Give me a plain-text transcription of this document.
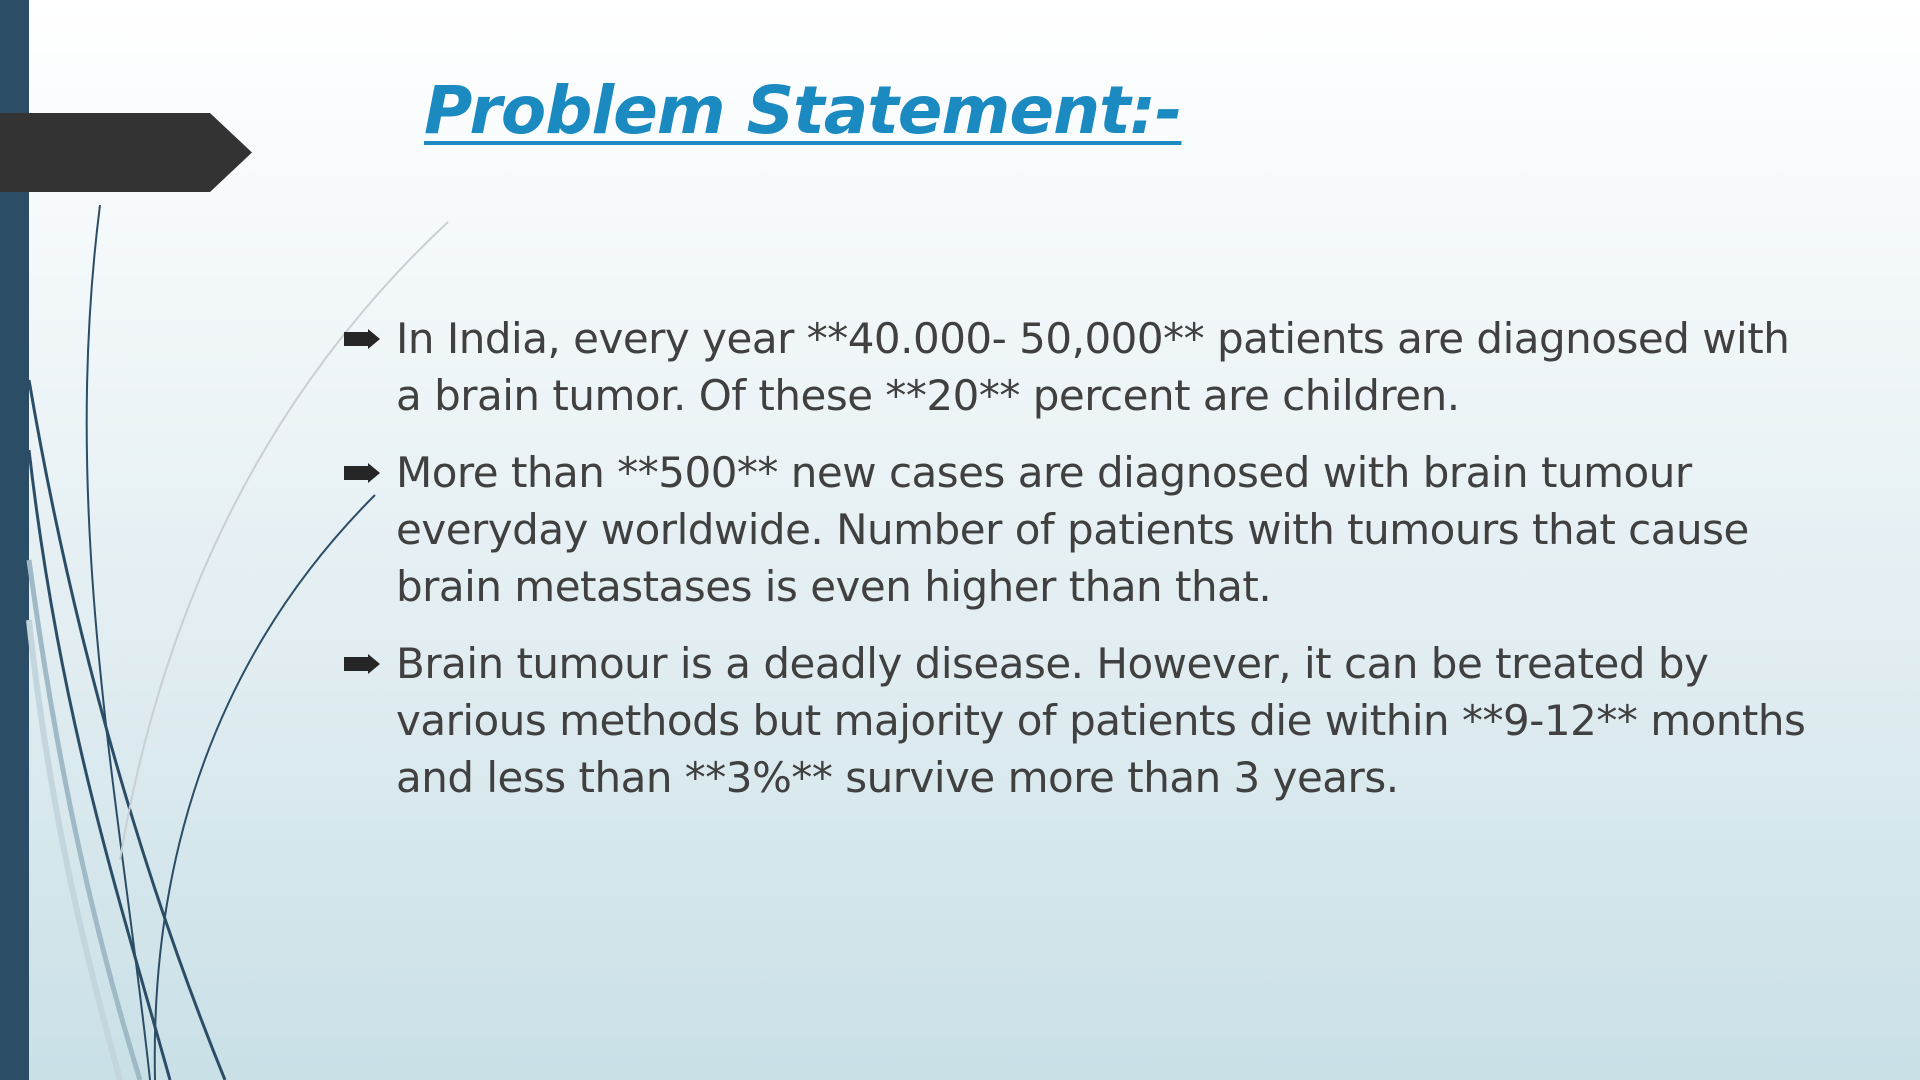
Problem Statement:-
In India, every year **40.000- 50,000** patients are diagnosed with a brain tumor. Of these **20** percent are children.
More than **500** new cases are diagnosed with brain tumour everyday worldwide. Number of patients with tumours that cause brain metastases is even higher than that.
Brain tumour is a deadly disease. However, it can be treated by various methods but majority of patients die within **9-12** months and less than **3%** survive more than 3 years.
